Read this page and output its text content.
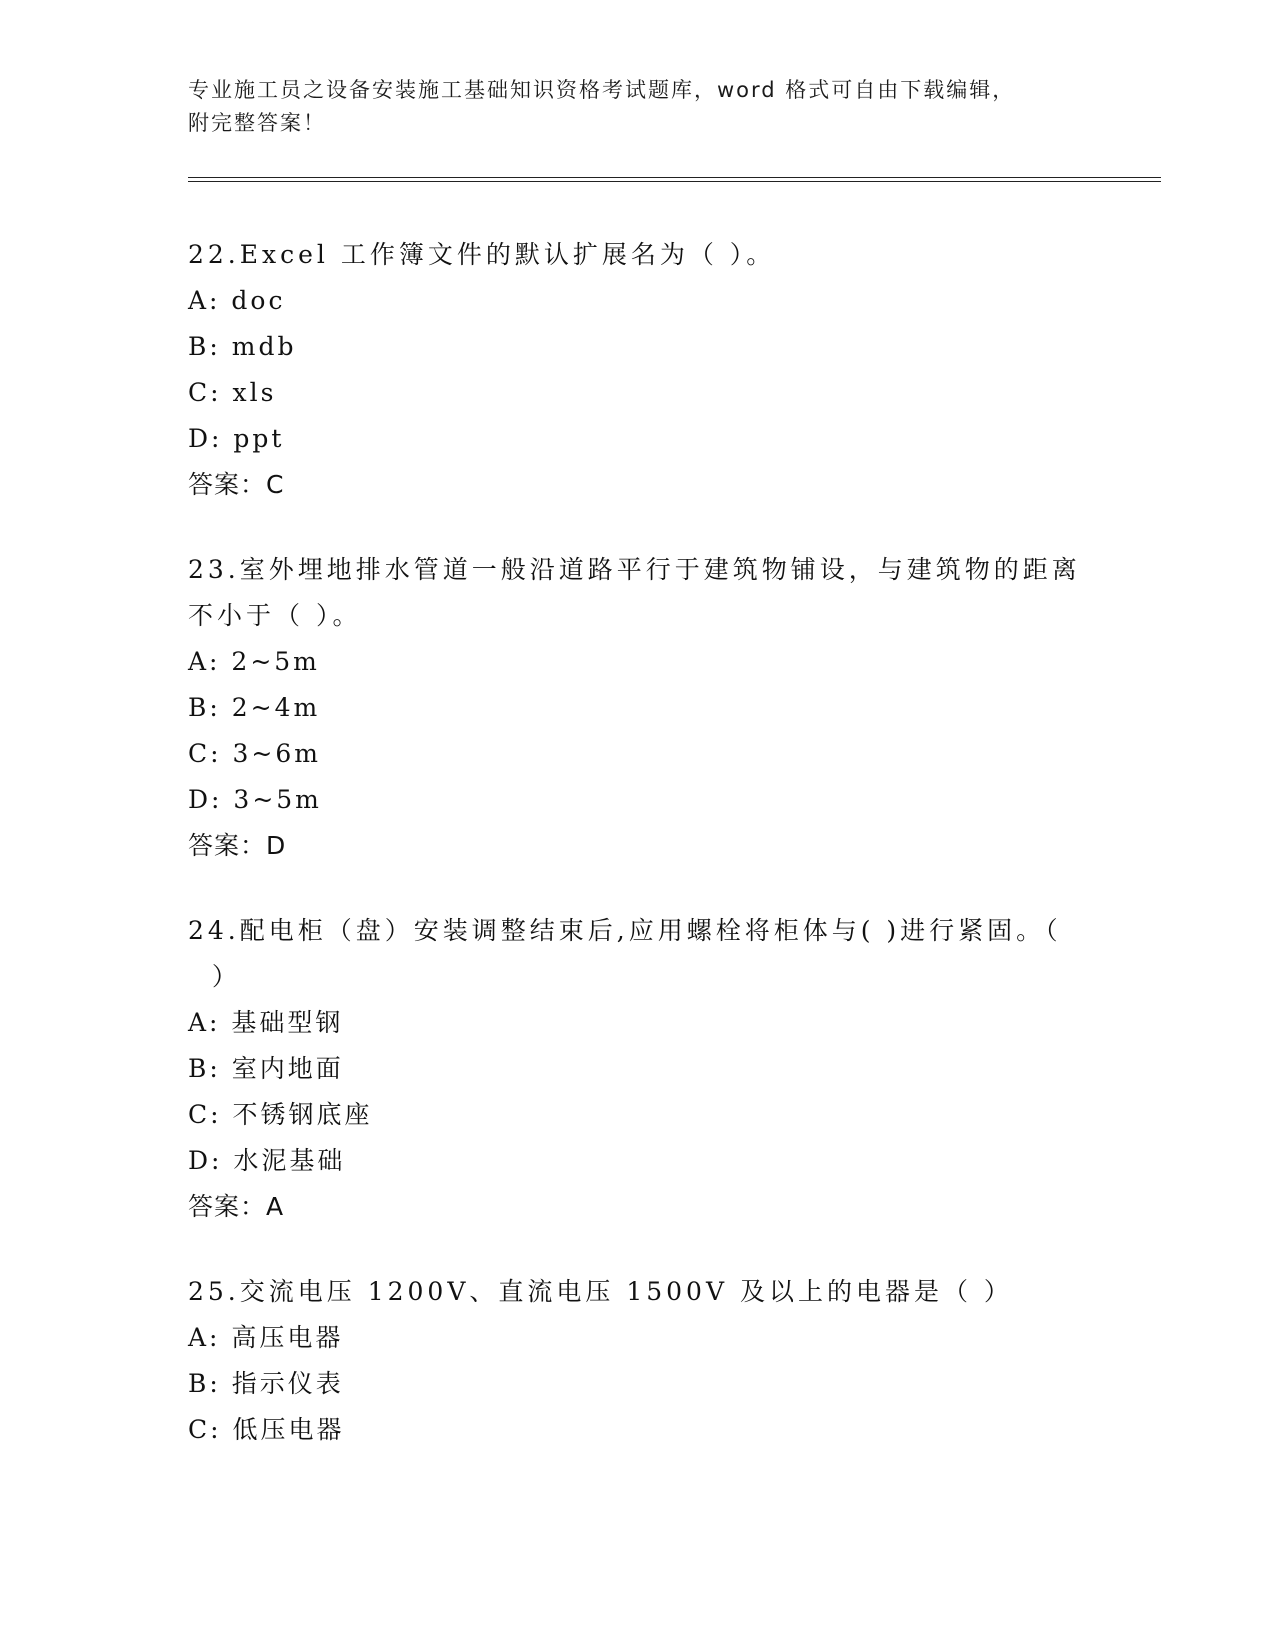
专业施工员之设备安装施工基础知识资格考试题库，word 格式可自由下载编辑，
附完整答案！
22.Excel 工作簿文件的默认扩展名为（ ）。
A: doc
B: mdb
C: xls
D: ppt
答案：C
23.室外埋地排水管道一般沿道路平行于建筑物铺设，与建筑物的距离
不小于（ ）。
A: 2~5m
B: 2~4m
C: 3~6m
D: 3~5m
答案：D
24.配电柜（盘）安装调整结束后,应用螺栓将柜体与( )进行紧固。（
）
A: 基础型钢
B: 室内地面
C: 不锈钢底座
D: 水泥基础
答案：A
25.交流电压 1200V、直流电压 1500V 及以上的电器是（ ）
A: 高压电器
B: 指示仪表
C: 低压电器
